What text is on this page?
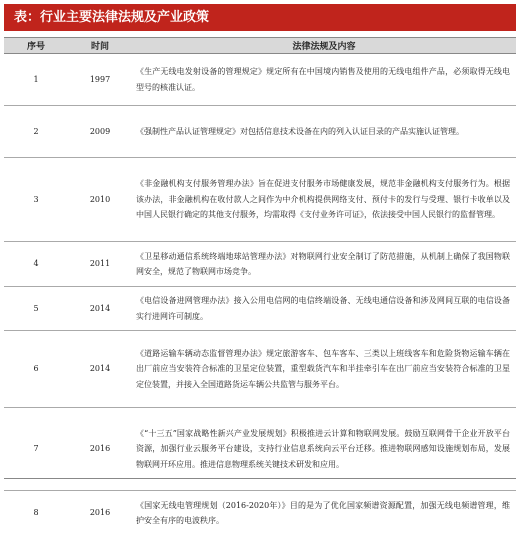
表：行业主要法律法规及产业政策
序号	时间	法律法规及内容
1	1997	《生产无线电发射设备的管理规定》规定所有在中国境内销售及使用的无线电组件产品，必须取得无线电型号的核准认证。
2	2009	《强制性产品认证管理规定》对包括信息技术设备在内的列入认证目录的产品实施认证管理。
3	2010	《非金融机构支付服务管理办法》旨在促进支付服务市场健康发展，规范非金融机构支付服务行为。根据该办法，非金融机构在收付款人之间作为中介机构提供网络支付、预付卡的发行与受理、银行卡收单以及中国人民银行确定的其他支付服务，均需取得《支付业务许可证》，依法接受中国人民银行的监督管理。
4	2011	《卫星移动通信系统终端地球站管理办法》对物联网行业安全制订了防范措施，从机制上确保了我国物联网安全，规范了物联网市场竞争。
5	2014	《电信设备进网管理办法》接入公用电信网的电信终端设备、无线电通信设备和涉及网间互联的电信设备实行进网许可制度。
6	2014	《道路运输车辆动态监督管理办法》规定旅游客车、包车客车、三类以上班线客车和危险货物运输车辆在出厂前应当安装符合标准的卫星定位装置，重型载货汽车和半挂牵引车在出厂前应当安装符合标准的卫星定位装置，并接入全国道路货运车辆公共监管与服务平台。
7	2016	《“十三五”国家战略性新兴产业发展规划》积极推进云计算和物联网发展。鼓励互联网骨干企业开放平台资源，加强行业云服务平台建设，支持行业信息系统向云平台迁移。推进物联网感知设施规划布局，发展物联网开环应用。推进信息物理系统关键技术研发和应用。
8	2016	《国家无线电管理规划（2016-2020年）》目的是为了优化国家频谱资源配置，加强无线电频谱管理，维护安全有序的电波秩序。
